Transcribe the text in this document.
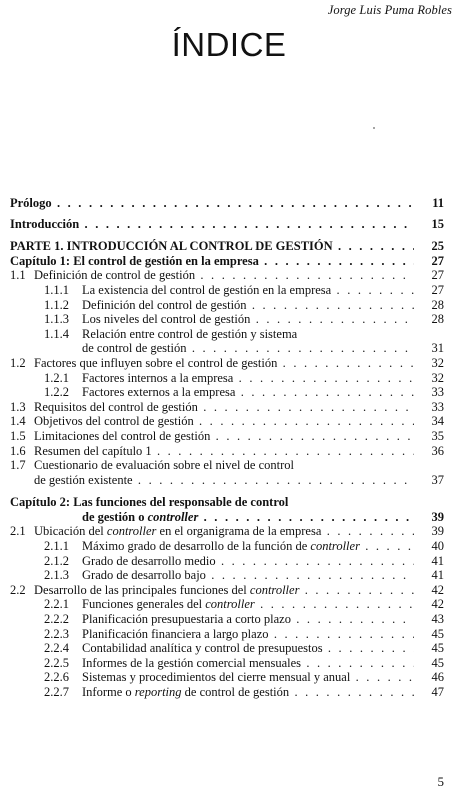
Jorge Luis Puma Robles
ÍNDICE
Prólogo . . .	11
Introducción . . .	15
PARTE 1. INTRODUCCIÓN AL CONTROL DE GESTIÓN . . .	25
Capítulo 1: El control de gestión en la empresa . . .	27
1.1 Definición de control de gestión . . .	27
1.1.1 La existencia del control de gestión en la empresa . . .	27
1.1.2 Definición del control de gestión . . .	28
1.1.3 Los niveles del control de gestión . . .	28
1.1.4 Relación entre control de gestión y sistema
de control de gestión . . .	31
1.2 Factores que influyen sobre el control de gestión . . .	32
1.2.1 Factores internos a la empresa . . .	32
1.2.2 Factores externos a la empresa . . .	33
1.3 Requisitos del control de gestión . . .	33
1.4 Objetivos del control de gestión . . .	34
1.5 Limitaciones del control de gestión . . .	35
1.6 Resumen del capítulo 1 . . .	36
1.7 Cuestionario de evaluación sobre el nivel de control
de gestión existente . . .	37
Capítulo 2: Las funciones del responsable de control
de gestión o controller . . .	39
2.1 Ubicación del controller en el organigrama de la empresa . . .	39
2.1.1 Máximo grado de desarrollo de la función de controller . . .	40
2.1.2 Grado de desarrollo medio . . .	41
2.1.3 Grado de desarrollo bajo . . .	41
2.2 Desarrollo de las principales funciones del controller . . .	42
2.2.1 Funciones generales del controller . . .	42
2.2.2 Planificación presupuestaria a corto plazo . . .	43
2.2.3 Planificación financiera a largo plazo . . .	45
2.2.4 Contabilidad analítica y control de presupuestos . . .	45
2.2.5 Informes de la gestión comercial mensuales . . .	45
2.2.6 Sistemas y procedimientos del cierre mensual y anual . . .	46
2.2.7 Informe o reporting de control de gestión . . .	47
5
